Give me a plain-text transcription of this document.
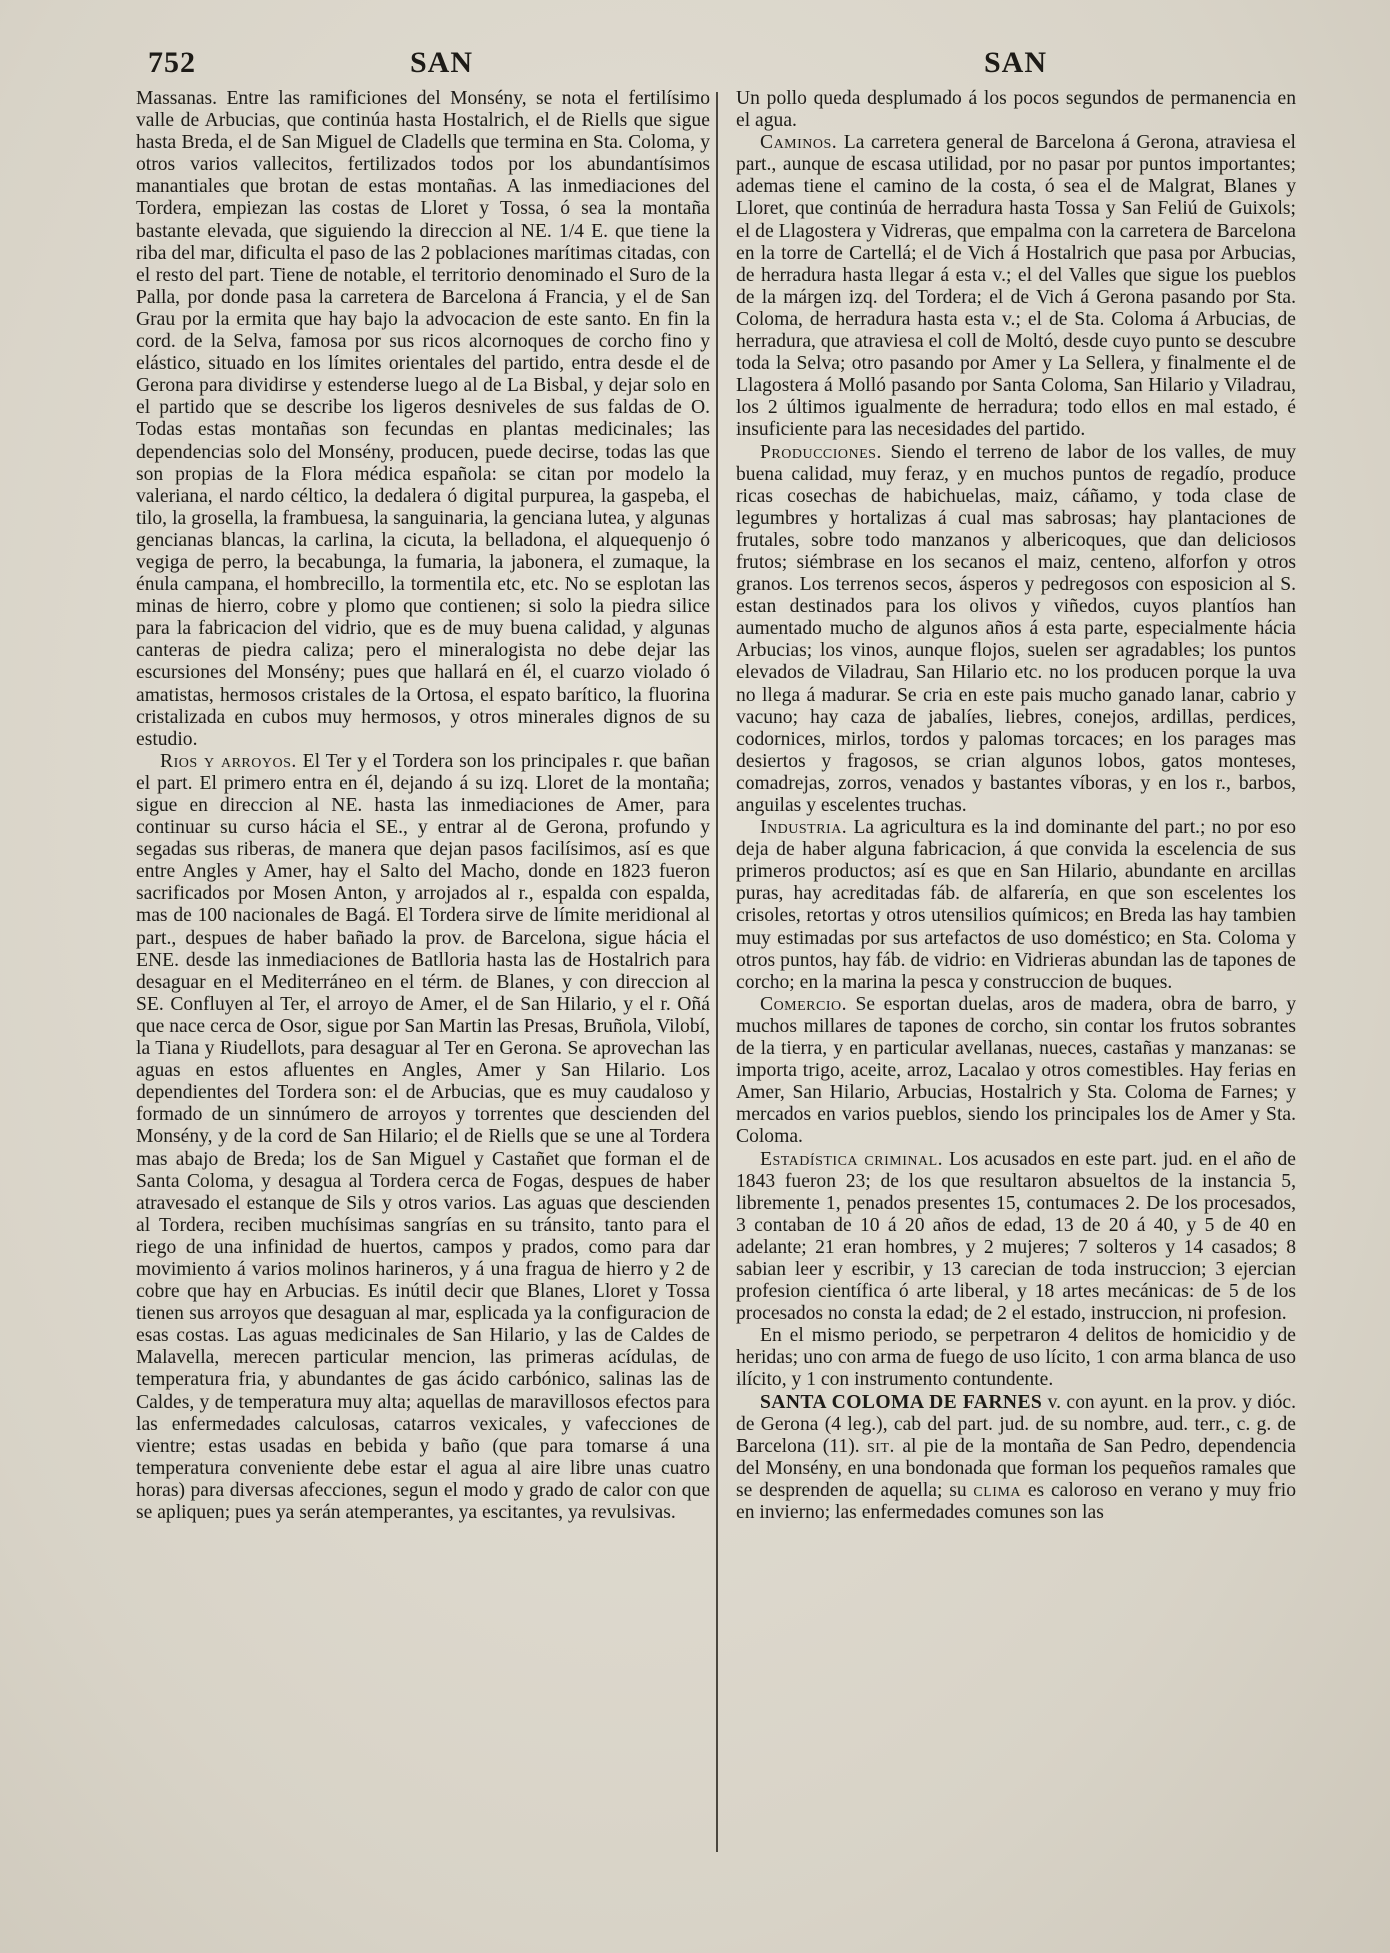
752	SAN	SAN

Massanas. Entre las ramificiones del Monsény, se nota el fertilísimo valle de Arbucias, que continúa hasta Hostalrich, el de Riells que sigue hasta Breda, el de San Miguel de Cladells que termina en Sta. Coloma, y otros varios vallecitos, fertilizados todos por los abundantísimos manantiales que brotan de estas montañas. A las inmediaciones del Tordera, empiezan las costas de Lloret y Tossa, ó sea la montaña bastante elevada, que siguiendo la direccion al NE. 1/4 E. que tiene la riba del mar, dificulta el paso de las 2 poblaciones marítimas citadas, con el resto del part. Tiene de notable, el territorio denominado el Suro de la Palla, por donde pasa la carretera de Barcelona á Francia, y el de San Grau por la ermita que hay bajo la advocacion de este santo. En fin la cord. de la Selva, famosa por sus ricos alcornoques de corcho fino y elástico, situado en los límites orientales del partido, entra desde el de Gerona para dividirse y estenderse luego al de La Bisbal, y dejar solo en el partido que se describe los ligeros desniveles de sus faldas de O. Todas estas montañas son fecundas en plantas medicinales; las dependencias solo del Monsény, producen, puede decirse, todas las que son propias de la Flora médica española: se citan por modelo la valeriana, el nardo céltico, la dedalera ó digital purpurea, la gaspeba, el tilo, la grosella, la frambuesa, la sanguinaria, la genciana lutea, y algunas gencianas blancas, la carlina, la cicuta, la belladona, el alquequenjo ó vegiga de perro, la becabunga, la fumaria, la jabonera, el zumaque, la énula campana, el hombrecillo, la tormentila etc, etc. No se esplotan las minas de hierro, cobre y plomo que contienen; si solo la piedra silice para la fabricacion del vidrio, que es de muy buena calidad, y algunas canteras de piedra caliza; pero el mineralogista no debe dejar las escursiones del Monsény; pues que hallará en él, el cuarzo violado ó amatistas, hermosos cristales de la Ortosa, el espato barítico, la fluorina cristalizada en cubos muy hermosos, y otros minerales dignos de su estudio.

Rios y arroyos. El Ter y el Tordera son los principales r. que bañan el part. El primero entra en él, dejando á su izq. Lloret de la montaña; sigue en direccion al NE. hasta las inmediaciones de Amer, para continuar su curso hácia el SE., y entrar al de Gerona, profundo y segadas sus riberas, de manera que dejan pasos facilísimos, así es que entre Angles y Amer, hay el Salto del Macho, donde en 1823 fueron sacrificados por Mosen Anton, y arrojados al r., espalda con espalda, mas de 100 nacionales de Bagá. El Tordera sirve de límite meridional al part., despues de haber bañado la prov. de Barcelona, sigue hácia el ENE. desde las inmediaciones de Batlloria hasta las de Hostalrich para desaguar en el Mediterráneo en el térm. de Blanes, y con direccion al SE. Confluyen al Ter, el arroyo de Amer, el de San Hilario, y el r. Oñá que nace cerca de Osor, sigue por San Martin las Presas, Bruñola, Vilobí, la Tiana y Riudellots, para desaguar al Ter en Gerona. Se aprovechan las aguas en estos afluentes en Angles, Amer y San Hilario. Los dependientes del Tordera son: el de Arbucias, que es muy caudaloso y formado de un sinnúmero de arroyos y torrentes que descienden del Monsény, y de la cord de San Hilario; el de Riells que se une al Tordera mas abajo de Breda; los de San Miguel y Castañet que forman el de Santa Coloma, y desagua al Tordera cerca de Fogas, despues de haber atravesado el estanque de Sils y otros varios. Las aguas que descienden al Tordera, reciben muchísimas sangrías en su tránsito, tanto para el riego de una infinidad de huertos, campos y prados, como para dar movimiento á varios molinos harineros, y á una fragua de hierro y 2 de cobre que hay en Arbucias. Es inútil decir que Blanes, Lloret y Tossa tienen sus arroyos que desaguan al mar, esplicada ya la configuracion de esas costas. Las aguas medicinales de San Hilario, y las de Caldes de Malavella, merecen particular mencion, las primeras acídulas, de temperatura fria, y abundantes de gas ácido carbónico, salinas las de Caldes, y de temperatura muy alta; aquellas de maravillosos efectos para las enfermedades calculosas, catarros vexicales, y vafecciones de vientre; estas usadas en bebida y baño (que para tomarse á una temperatura conveniente debe estar el agua al aire libre unas cuatro horas) para diversas afecciones, segun el modo y grado de calor con que se apliquen; pues ya serán atemperantes, ya escitantes, ya revulsivas.

Un pollo queda desplumado á los pocos segundos de permanencia en el agua.

Caminos. La carretera general de Barcelona á Gerona, atraviesa el part., aunque de escasa utilidad, por no pasar por puntos importantes; ademas tiene el camino de la costa, ó sea el de Malgrat, Blanes y Lloret, que continúa de herradura hasta Tossa y San Feliú de Guixols; el de Llagostera y Vidreras, que empalma con la carretera de Barcelona en la torre de Cartellá; el de Vich á Hostalrich que pasa por Arbucias, de herradura hasta llegar á esta v.; el del Valles que sigue los pueblos de la márgen izq. del Tordera; el de Vich á Gerona pasando por Sta. Coloma, de herradura hasta esta v.; el de Sta. Coloma á Arbucias, de herradura, que atraviesa el coll de Moltó, desde cuyo punto se descubre toda la Selva; otro pasando por Amer y La Sellera, y finalmente el de Llagostera á Molló pasando por Santa Coloma, San Hilario y Viladrau, los 2 últimos igualmente de herradura; todo ellos en mal estado, é insuficiente para las necesidades del partido.

Producciones. Siendo el terreno de labor de los valles, de muy buena calidad, muy feraz, y en muchos puntos de regadío, produce ricas cosechas de habichuelas, maiz, cáñamo, y toda clase de legumbres y hortalizas á cual mas sabrosas; hay plantaciones de frutales, sobre todo manzanos y albericoques, que dan deliciosos frutos; siémbrase en los secanos el maiz, centeno, alforfon y otros granos. Los terrenos secos, ásperos y pedregosos con esposicion al S. estan destinados para los olivos y viñedos, cuyos plantíos han aumentado mucho de algunos años á esta parte, especialmente hácia Arbucias; los vinos, aunque flojos, suelen ser agradables; los puntos elevados de Viladrau, San Hilario etc. no los producen porque la uva no llega á madurar. Se cria en este pais mucho ganado lanar, cabrio y vacuno; hay caza de jabalíes, liebres, conejos, ardillas, perdices, codornices, mirlos, tordos y palomas torcaces; en los parages mas desiertos y fragosos, se crian algunos lobos, gatos monteses, comadrejas, zorros, venados y bastantes víboras, y en los r., barbos, anguilas y escelentes truchas.

Industria. La agricultura es la ind dominante del part.; no por eso deja de haber alguna fabricacion, á que convida la escelencia de sus primeros productos; así es que en San Hilario, abundante en arcillas puras, hay acreditadas fáb. de alfarería, en que son escelentes los crisoles, retortas y otros utensilios químicos; en Breda las hay tambien muy estimadas por sus artefactos de uso doméstico; en Sta. Coloma y otros puntos, hay fáb. de vidrio: en Vidrieras abundan las de tapones de corcho; en la marina la pesca y construccion de buques.

Comercio. Se esportan duelas, aros de madera, obra de barro, y muchos millares de tapones de corcho, sin contar los frutos sobrantes de la tierra, y en particular avellanas, nueces, castañas y manzanas: se importa trigo, aceite, arroz, Lacalao y otros comestibles. Hay ferias en Amer, San Hilario, Arbucias, Hostalrich y Sta. Coloma de Farnes; y mercados en varios pueblos, siendo los principales los de Amer y Sta. Coloma.

Estadística criminal. Los acusados en este part. jud. en el año de 1843 fueron 23; de los que resultaron absueltos de la instancia 5, libremente 1, penados presentes 15, contumaces 2. De los procesados, 3 contaban de 10 á 20 años de edad, 13 de 20 á 40, y 5 de 40 en adelante; 21 eran hombres, y 2 mujeres; 7 solteros y 14 casados; 8 sabian leer y escribir, y 13 carecian de toda instruccion; 3 ejercian profesion científica ó arte liberal, y 18 artes mecánicas: de 5 de los procesados no consta la edad; de 2 el estado, instruccion, ni profesion.

En el mismo periodo, se perpetraron 4 delitos de homicidio y de heridas; uno con arma de fuego de uso lícito, 1 con arma blanca de uso ilícito, y 1 con instrumento contundente.

SANTA COLOMA DE FARNES v. con ayunt. en la prov. y dióc. de Gerona (4 leg.), cab del part. jud. de su nombre, aud. terr., c. g. de Barcelona (11). sit. al pie de la montaña de San Pedro, dependencia del Monsény, en una bondonada que forman los pequeños ramales que se desprenden de aquella; su clima es caloroso en verano y muy frio en invierno; las enfermedades comunes son las
